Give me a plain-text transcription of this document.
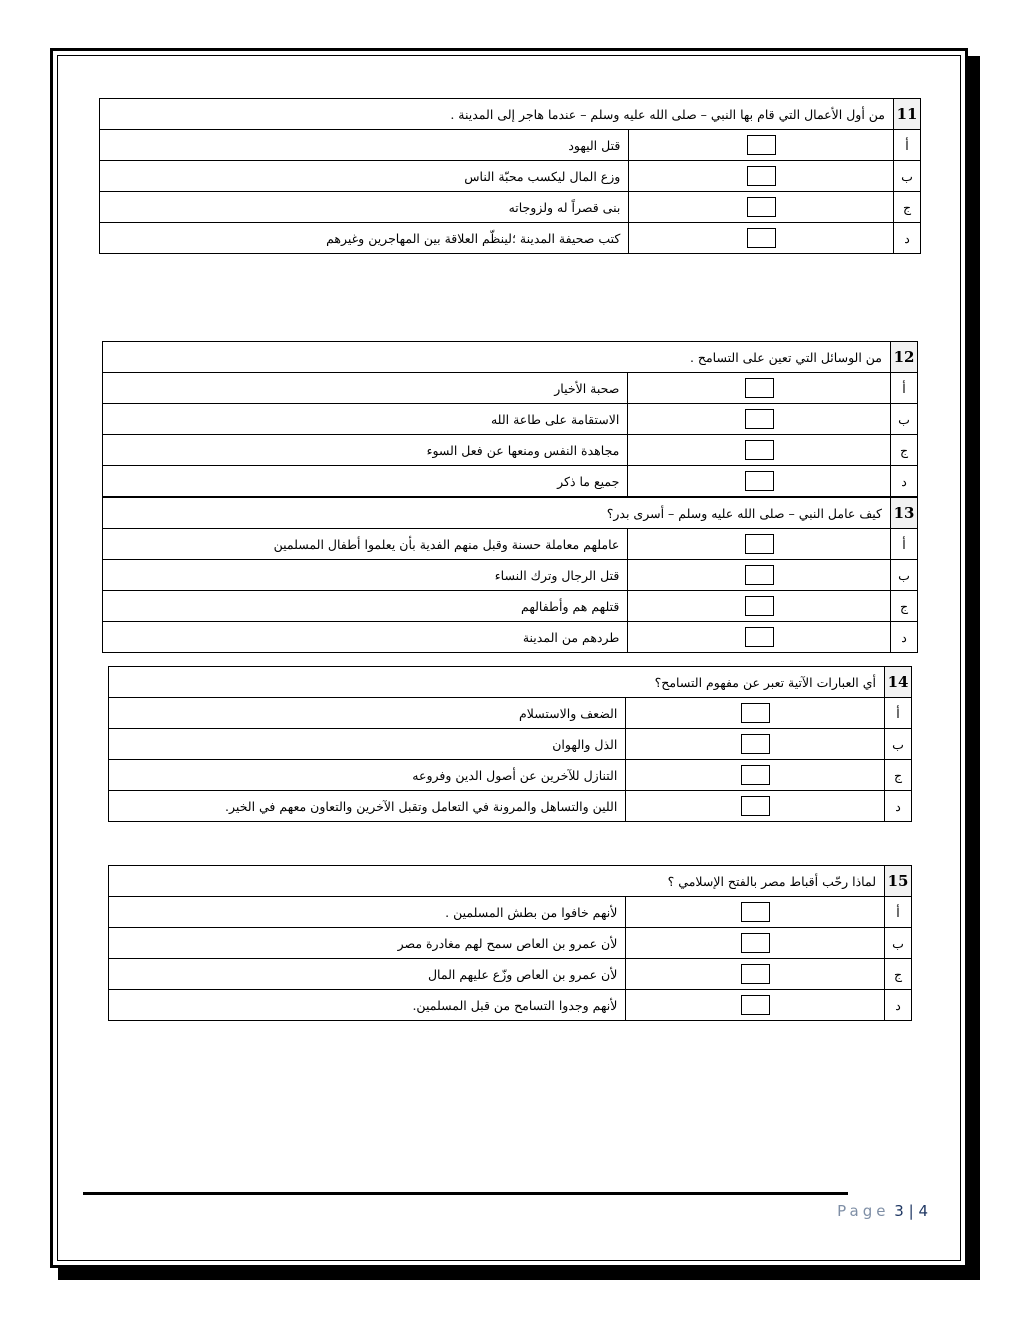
11	من أول الأعمال التي قام بها النبي – صلى الله عليه وسلم – عندما هاجر إلى المدينة .	
أ		قتل اليهود
ب		وزع المال ليكسب محبّة الناس
ج		بنى قصراً له ولزوجاته
د		كتب صحيفة المدينة ؛لينظّم العلاقة بين المهاجرين وغيرهم
12	من الوسائل التي تعين على التسامح .	
أ		صحبة الأخيار
ب		الاستقامة على طاعة الله
ج		مجاهدة النفس ومنعها عن فعل السوء
د		جميع ما ذكر
13	كيف عامل النبي – صلى الله عليه وسلم – أسرى بدر؟	
أ		عاملهم معاملة حسنة وقبل منهم الفدية بأن يعلموا أطفال المسلمين
ب		قتل الرجال وترك النساء
ج		قتلهم هم وأطفالهم
د		طردهم من المدينة
14	أي العبارات الآتية تعبر عن مفهوم التسامح؟	
أ		الضعف والاستسلام
ب		الذل والهوان
ج		التنازل للآخرين عن أصول الدين وفروعه
د		اللين والتساهل والمرونة في التعامل وتقبل الآخرين والتعاون معهم في الخير.
15	لماذا رحّب أقباط مصر بالفتح الإسلامي ؟	
أ		لأنهم خافوا من بطش المسلمين .
ب		لأن عمرو بن العاص سمح لهم مغادرة مصر
ج		لأن عمرو بن العاص وزّع عليهم المال
د		لأنهم وجدوا التسامح من قبل المسلمين.
Page 3 | 4
